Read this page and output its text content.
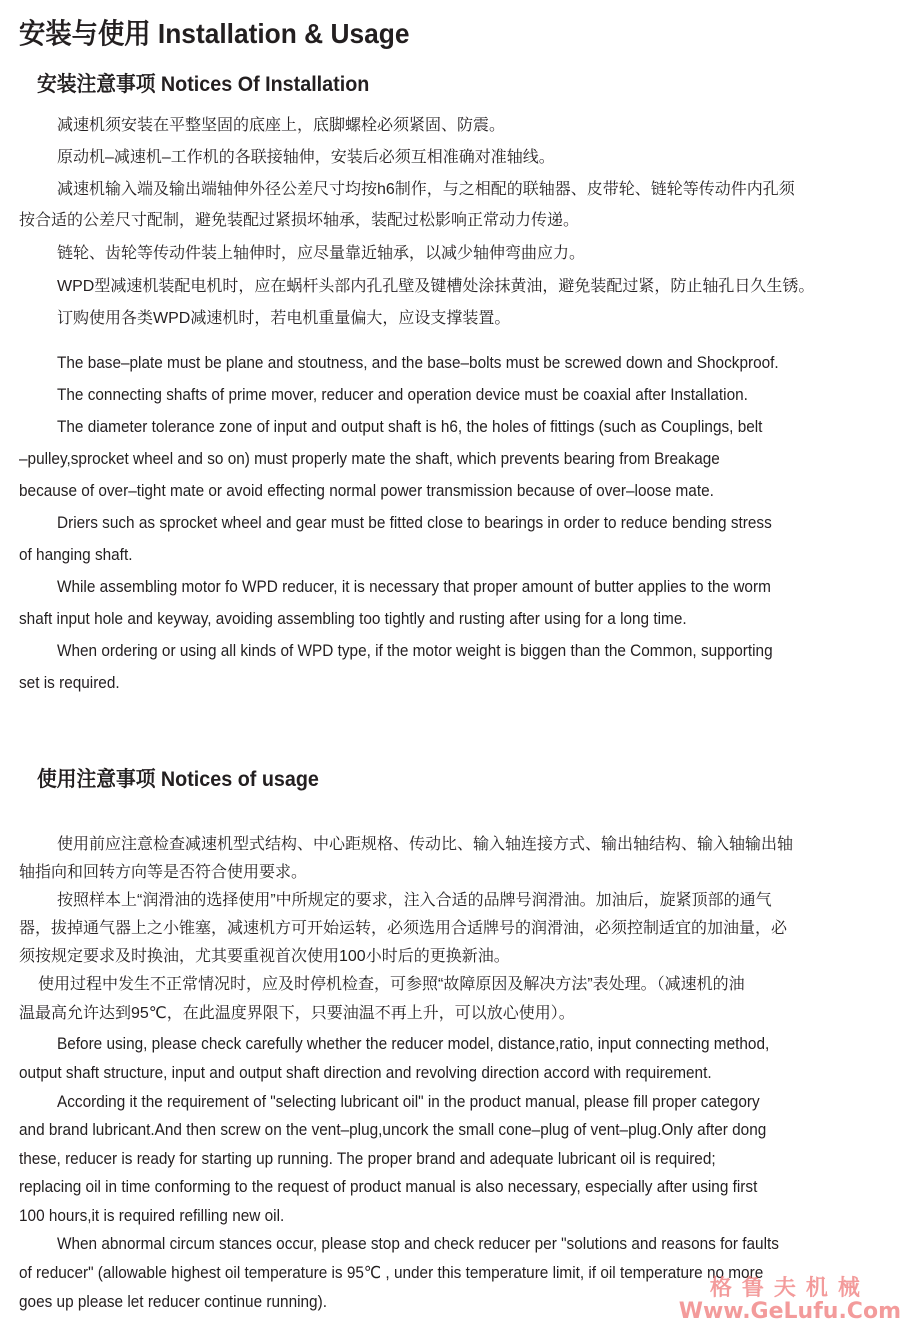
安装与使用 Installation & Usage
安装注意事项 Notices Of Installation
使用注意事项 Notices of usage
减速机须安装在平整坚固的底座上，底脚螺栓必须紧固、防震。
原动机–减速机–工作机的各联接轴伸，安装后必须互相准确对准轴线。
减速机输入端及输出端轴伸外径公差尺寸均按h6制作，与之相配的联轴器、皮带轮、链轮等传动件内孔须
按合适的公差尺寸配制，避免装配过紧损坏轴承，装配过松影响正常动力传递。
链轮、齿轮等传动件装上轴伸时，应尽量靠近轴承，以减少轴伸弯曲应力。
WPD型减速机装配电机时，应在蜗杆头部内孔孔壁及键槽处涂抹黄油，避免装配过紧，防止轴孔日久生锈。
订购使用各类WPD减速机时，若电机重量偏大，应设支撑装置。
The base–plate must be plane and stoutness, and the base–bolts must be screwed down and Shockproof.
The connecting shafts of prime mover, reducer and operation device must be coaxial after Installation.
The diameter tolerance zone of input and output shaft is h6, the holes of fittings (such as Couplings, belt
–pulley,sprocket wheel and so on) must properly mate the shaft, which prevents bearing from Breakage
because of over–tight mate or avoid effecting normal power transmission because of over–loose mate.
Driers such as sprocket wheel and gear must be fitted close to bearings in order to reduce bending stress
of hanging shaft.
While assembling motor fo WPD reducer, it is necessary that proper amount of butter applies to the worm
shaft input hole and keyway, avoiding assembling too tightly and rusting after using for a long time.
When ordering or using all kinds of WPD type, if the motor weight is biggen than the Common, supporting
set is required.
使用前应注意检查减速机型式结构、中心距规格、传动比、输入轴连接方式、输出轴结构、输入轴输出轴
轴指向和回转方向等是否符合使用要求。
按照样本上“润滑油的选择使用”中所规定的要求，注入合适的品牌号润滑油。加油后，旋紧顶部的通气
器，拔掉通气器上之小锥塞，减速机方可开始运转，必须选用合适牌号的润滑油，必须控制适宜的加油量，必
须按规定要求及时换油，尤其要重视首次使用100小时后的更换新油。
使用过程中发生不正常情况时，应及时停机检查，可参照“故障原因及解决方法”表处理。（减速机的油
温最高允许达到95℃，在此温度界限下，只要油温不再上升，可以放心使用）。
Before using, please check carefully whether the reducer model, distance,ratio, input connecting method,
output shaft structure, input and output shaft direction and revolving direction accord with requirement.
According it the requirement of "selecting lubricant oil" in the product manual, please fill proper category
and brand lubricant.And then screw on the vent–plug,uncork the small cone–plug of vent–plug.Only after dong
these, reducer is ready for starting up running. The proper brand and adequate lubricant oil is required;
replacing oil in time conforming to the request of product manual is also necessary, especially after using first
100 hours,it is required refilling new oil.
When abnormal circum stances occur, please stop and check reducer per "solutions and reasons for faults
of reducer" (allowable highest oil temperature is 95℃ , under this temperature limit, if oil temperature no more
goes up please let reducer continue running).
格鲁夫机械
Www.GeLufu.Com
